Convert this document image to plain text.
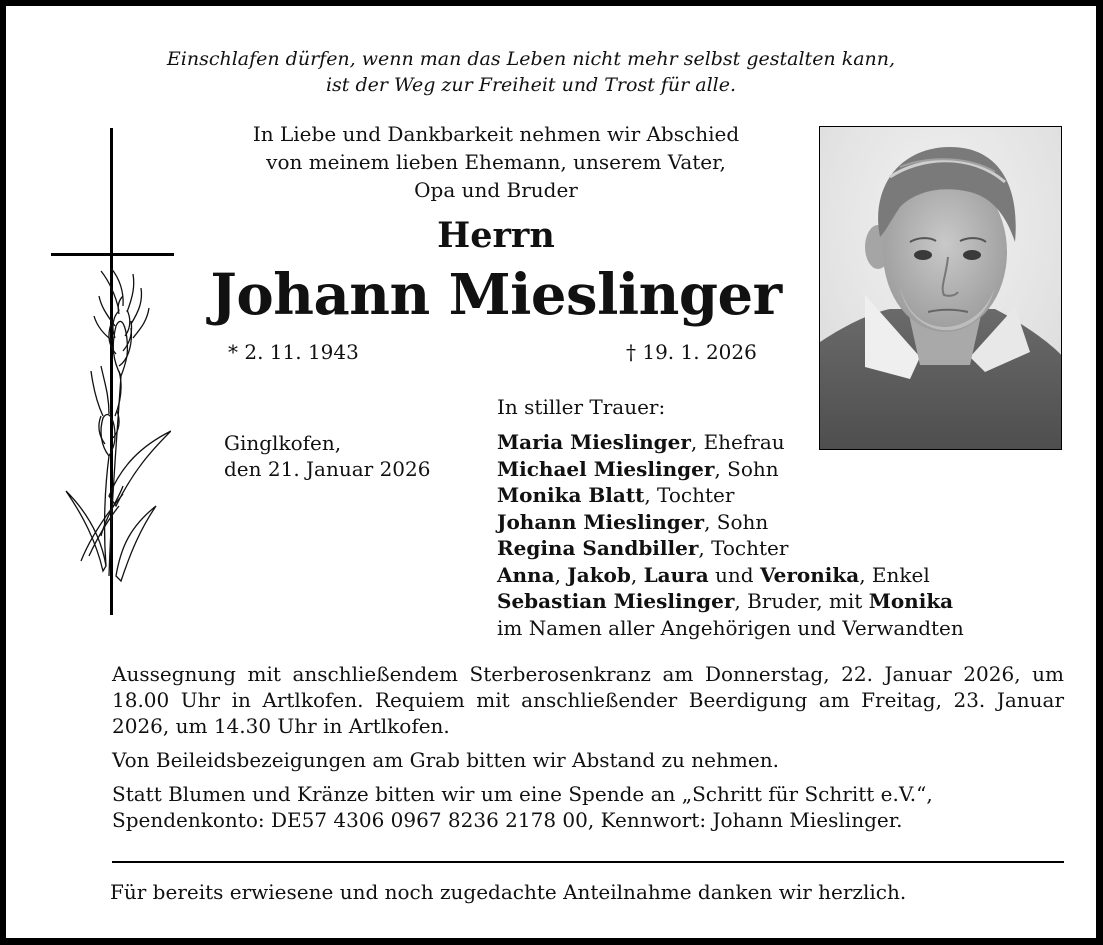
Einschlafen dürfen, wenn man das Leben nicht mehr selbst gestalten kann,
ist der Weg zur Freiheit und Trost für alle.
In Liebe und Dankbarkeit nehmen wir Abschied
von meinem lieben Ehemann, unserem Vater,
Opa und Bruder
Herrn
Johann Mieslinger
* 2. 11. 1943	† 19. 1. 2026
Ginglkofen,
den 21. Januar 2026
In stiller Trauer:
Maria Mieslinger, Ehefrau
Michael Mieslinger, Sohn
Monika Blatt, Tochter
Johann Mieslinger, Sohn
Regina Sandbiller, Tochter
Anna, Jakob, Laura und Veronika, Enkel
Sebastian Mieslinger, Bruder, mit Monika
im Namen aller Angehörigen und Verwandten

Aussegnung mit anschließendem Sterberosenkranz am Donnerstag, 22. Januar 2026, um 18.00 Uhr in Artlkofen. Requiem mit anschließender Beerdigung am Freitag, 23. Januar 2026, um 14.30 Uhr in Artlkofen.

Von Beileidsbezeigungen am Grab bitten wir Abstand zu nehmen.

Statt Blumen und Kränze bitten wir um eine Spende an „Schritt für Schritt e.V.“,
Spendenkonto: DE57 4306 0967 8236 2178 00, Kennwort: Johann Mieslinger.

Für bereits erwiesene und noch zugedachte Anteilnahme danken wir herzlich.
